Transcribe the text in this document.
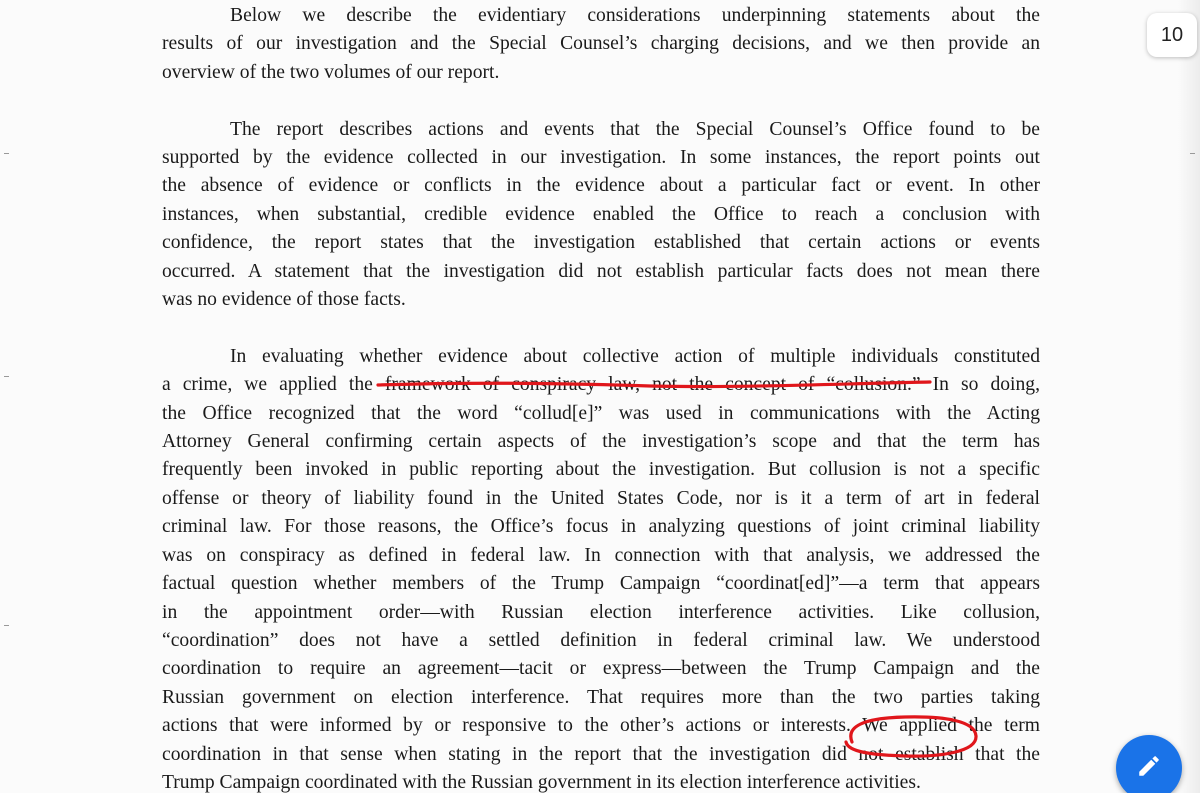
Below we describe the evidentiary considerations underpinning statements about the
results of our investigation and the Special Counsel’s charging decisions, and we then provide an
overview of the two volumes of our report.

The report describes actions and events that the Special Counsel’s Office found to be
supported by the evidence collected in our investigation. In some instances, the report points out
the absence of evidence or conflicts in the evidence about a particular fact or event. In other
instances, when substantial, credible evidence enabled the Office to reach a conclusion with
confidence, the report states that the investigation established that certain actions or events
occurred. A statement that the investigation did not establish particular facts does not mean there
was no evidence of those facts.

In evaluating whether evidence about collective action of multiple individuals constituted
a crime, we applied the framework of conspiracy law, not the concept of “collusion.” In so doing,
the Office recognized that the word “collud[e]” was used in communications with the Acting
Attorney General confirming certain aspects of the investigation’s scope and that the term has
frequently been invoked in public reporting about the investigation. But collusion is not a specific
offense or theory of liability found in the United States Code, nor is it a term of art in federal
criminal law. For those reasons, the Office’s focus in analyzing questions of joint criminal liability
was on conspiracy as defined in federal law. In connection with that analysis, we addressed the
factual question whether members of the Trump Campaign “coordinat[ed]”—a term that appears
in the appointment order—with Russian election interference activities. Like collusion,
“coordination” does not have a settled definition in federal criminal law. We understood
coordination to require an agreement—tacit or express—between the Trump Campaign and the
Russian government on election interference. That requires more than the two parties taking
actions that were informed by or responsive to the other’s actions or interests. We applied the term
coordination in that sense when stating in the report that the investigation did not establish that the
Trump Campaign coordinated with the Russian government in its election interference activities.

10
